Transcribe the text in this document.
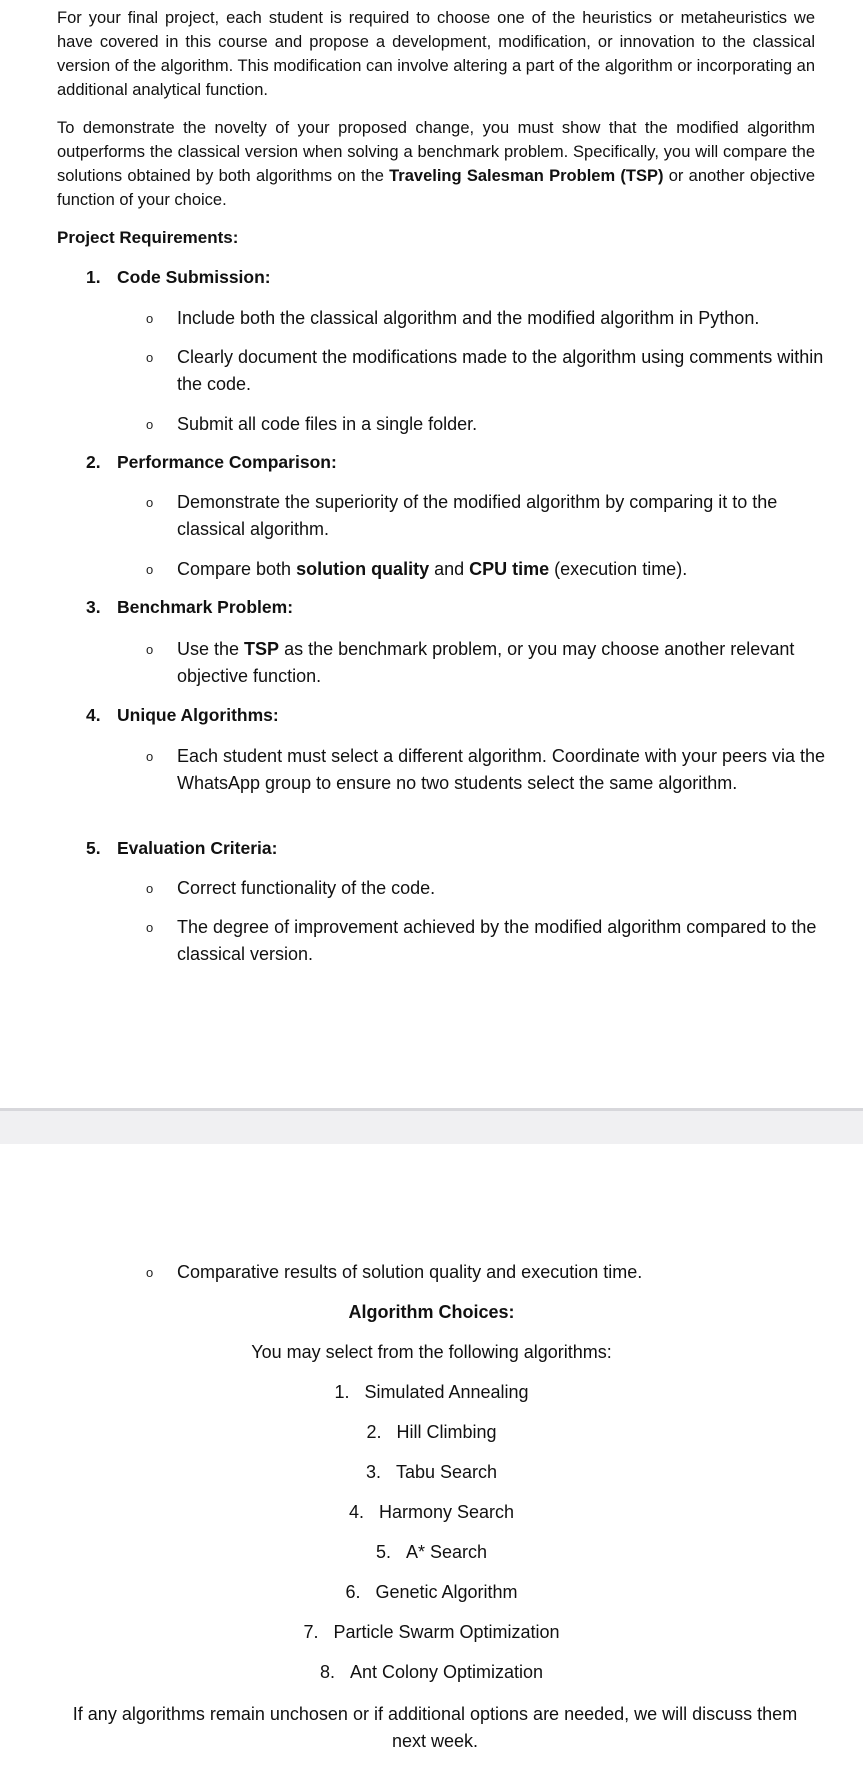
For your final project, each student is required to choose one of the heuristics or metaheuristics we have covered in this course and propose a development, modification, or innovation to the classical version of the algorithm. This modification can involve altering a part of the algorithm or incorporating an additional analytical function.

To demonstrate the novelty of your proposed change, you must show that the modified algorithm outperforms the classical version when solving a benchmark problem. Specifically, you will compare the solutions obtained by both algorithms on the Traveling Salesman Problem (TSP) or another objective function of your choice.

Project Requirements:

1. Code Submission:

o Include both the classical algorithm and the modified algorithm in Python.

o Clearly document the modifications made to the algorithm using comments within the code.

o Submit all code files in a single folder.

2. Performance Comparison:

o Demonstrate the superiority of the modified algorithm by comparing it to the classical algorithm.

o Compare both solution quality and CPU time (execution time).

3. Benchmark Problem:

o Use the TSP as the benchmark problem, or you may choose another relevant objective function.

4. Unique Algorithms:

o Each student must select a different algorithm. Coordinate with your peers via the WhatsApp group to ensure no two students select the same algorithm.

5. Evaluation Criteria:

o Correct functionality of the code.

o The degree of improvement achieved by the modified algorithm compared to the classical version.

o Comparative results of solution quality and execution time.

Algorithm Choices:

You may select from the following algorithms:

1. Simulated Annealing

2. Hill Climbing

3. Tabu Search

4. Harmony Search

5. A* Search

6. Genetic Algorithm

7. Particle Swarm Optimization

8. Ant Colony Optimization

If any algorithms remain unchosen or if additional options are needed, we will discuss them next week.
